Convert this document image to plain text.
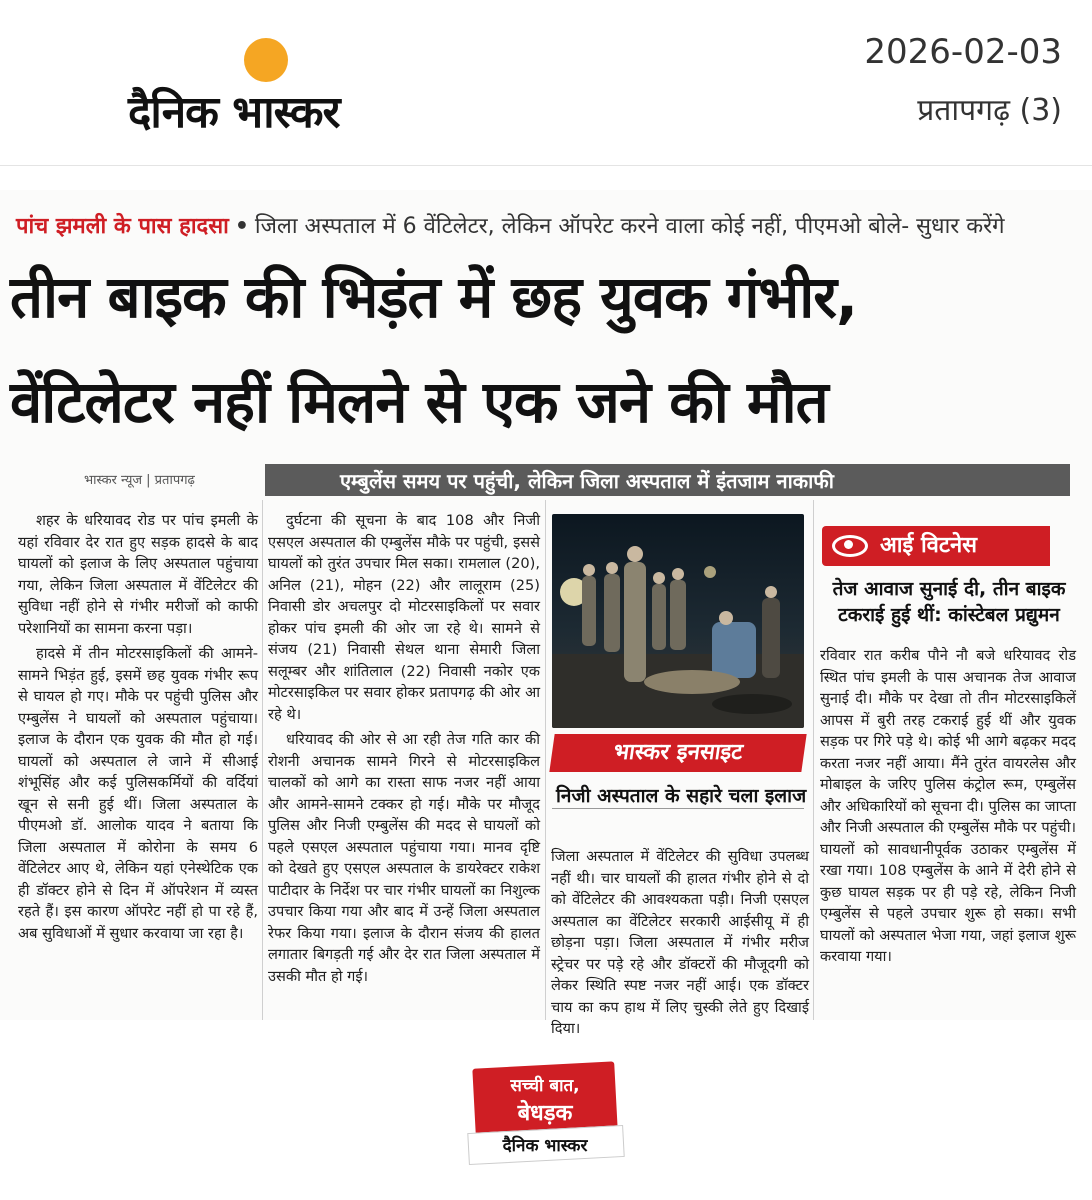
दैनिक भास्कर
2026-02-03
प्रतापगढ़ (3)
पांच झमली के पास हादसा • जिला अस्पताल में 6 वेंटिलेटर, लेकिन ऑपरेट करने वाला कोई नहीं, पीएमओ बोले- सुधार करेंगे
तीन बाइक की भिड़ंत में छह युवक गंभीर,
वेंटिलेटर नहीं मिलने से एक जने की मौत
भास्कर न्यूज | प्रतापगढ़	एम्बुलेंस समय पर पहुंची, लेकिन जिला अस्पताल में इंतजाम नाकाफी

शहर के धरियावद रोड पर पांच इमली के यहां रविवार देर रात हुए सड़क हादसे के बाद घायलों को इलाज के लिए अस्पताल पहुंचाया गया, लेकिन जिला अस्पताल में वेंटिलेटर की सुविधा नहीं होने से गंभीर मरीजों को काफी परेशानियों का सामना करना पड़ा।

हादसे में तीन मोटरसाइकिलों की आमने-सामने भिड़ंत हुई, इसमें छह युवक गंभीर रूप से घायल हो गए। मौके पर पहुंची पुलिस और एम्बुलेंस ने घायलों को अस्पताल पहुंचाया। इलाज के दौरान एक युवक की मौत हो गई। घायलों को अस्पताल ले जाने में सीआई शंभूसिंह और कई पुलिसकर्मियों की वर्दियां खून से सनी हुई थीं। जिला अस्पताल के पीएमओ डॉ. आलोक यादव ने बताया कि जिला अस्पताल में कोरोना के समय 6 वेंटिलेटर आए थे, लेकिन यहां एनेस्थेटिक एक ही डॉक्टर होने से दिन में ऑपरेशन में व्यस्त रहते हैं। इस कारण ऑपरेट नहीं हो पा रहे हैं, अब सुविधाओं में सुधार करवाया जा रहा है।

दुर्घटना की सूचना के बाद 108 और निजी एसएल अस्पताल की एम्बुलेंस मौके पर पहुंची, इससे घायलों को तुरंत उपचार मिल सका। रामलाल (20), अनिल (21), मोहन (22) और लालूराम (25) निवासी डोर अचलपुर दो मोटरसाइकिलों पर सवार होकर पांच इमली की ओर जा रहे थे। सामने से संजय (21) निवासी सेथल थाना सेमारी जिला सलूम्बर और शांतिलाल (22) निवासी नकोर एक मोटरसाइकिल पर सवार होकर प्रतापगढ़ की ओर आ रहे थे।

धरियावद की ओर से आ रही तेज गति कार की रोशनी अचानक सामने गिरने से मोटरसाइकिल चालकों को आगे का रास्ता साफ नजर नहीं आया और आमने-सामने टक्कर हो गई। मौके पर मौजूद पुलिस और निजी एम्बुलेंस की मदद से घायलों को पहले एसएल अस्पताल पहुंचाया गया। मानव दृष्टि को देखते हुए एसएल अस्पताल के डायरेक्टर राकेश पाटीदार के निर्देश पर चार गंभीर घायलों का निशुल्क उपचार किया गया और बाद में उन्हें जिला अस्पताल रेफर किया गया। इलाज के दौरान संजय की हालत लगातार बिगड़ती गई और देर रात जिला अस्पताल में उसकी मौत हो गई।

भास्कर इनसाइट
निजी अस्पताल के सहारे चला इलाज

जिला अस्पताल में वेंटिलेटर की सुविधा उपलब्ध नहीं थी। चार घायलों की हालत गंभीर होने से दो को वेंटिलेटर की आवश्यकता पड़ी। निजी एसएल अस्पताल का वेंटिलेटर सरकारी आईसीयू में ही छोड़ना पड़ा। जिला अस्पताल में गंभीर मरीज स्ट्रेचर पर पड़े रहे और डॉक्टरों की मौजूदगी को लेकर स्थिति स्पष्ट नजर नहीं आई। एक डॉक्टर चाय का कप हाथ में लिए चुस्की लेते हुए दिखाई दिया।

आई विटनेस
तेज आवाज सुनाई दी, तीन बाइक टकराई हुई थीं: कांस्टेबल प्रद्युमन

रविवार रात करीब पौने नौ बजे धरियावद रोड स्थित पांच इमली के पास अचानक तेज आवाज सुनाई दी। मौके पर देखा तो तीन मोटरसाइकिलें आपस में बुरी तरह टकराई हुई थीं और युवक सड़क पर गिरे पड़े थे। कोई भी आगे बढ़कर मदद करता नजर नहीं आया। मैंने तुरंत वायरलेस और मोबाइल के जरिए पुलिस कंट्रोल रूम, एम्बुलेंस और अधिकारियों को सूचना दी। पुलिस का जाप्ता और निजी अस्पताल की एम्बुलेंस मौके पर पहुंची। घायलों को सावधानीपूर्वक उठाकर एम्बुलेंस में रखा गया। 108 एम्बुलेंस के आने में देरी होने से कुछ घायल सड़क पर ही पड़े रहे, लेकिन निजी एम्बुलेंस से पहले उपचार शुरू हो सका। सभी घायलों को अस्पताल भेजा गया, जहां इलाज शुरू करवाया गया।

सच्ची बात,
बेधड़क
दैनिक भास्कर
